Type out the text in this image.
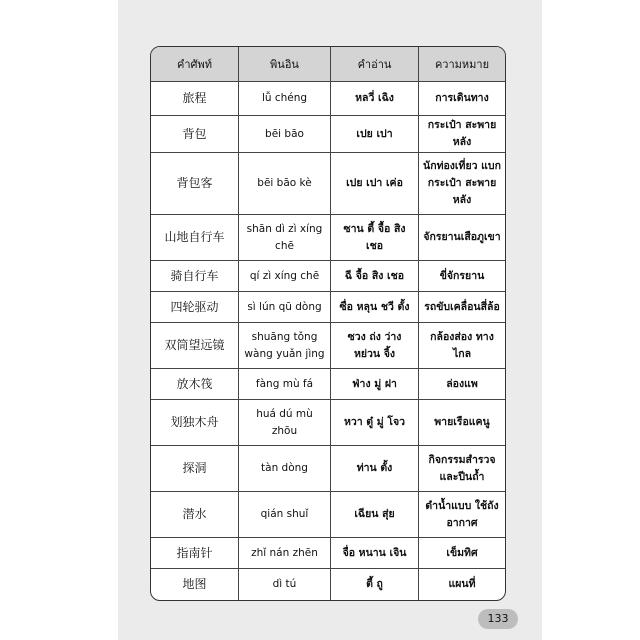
คำศัพท์	พินอิน	คำอ่าน	ความหมาย
旅程	lǚ chéng	หลวี่ เฉิง	การเดินทาง
背包	bēi bāo	เปย เปา	กระเป๋า สะพายหลัง
背包客	bēi bāo kè	เปย เปา เค่อ	นักท่องเที่ยว แบกกระเป๋า สะพายหลัง
山地自行车	shān dì zì xíng chē	ซาน ตี้ จื้อ สิง เชอ	จักรยานเสือภูเขา
骑自行车	qí zì xíng chē	ฉี จื้อ สิง เชอ	ขี่จักรยาน
四轮驱动	sì lún qū dòng	ซื่อ หลุน ชวี ตั้ง	รถขับเคลื่อนสี่ล้อ
双筒望远镜	shuāng tǒng wàng yuǎn jìng	ซวง ถ่ง ว่าง หย่วน จิ้ง	กล้องส่อง ทางไกล
放木筏	fàng mù fá	ฟ่าง มู่ ฝา	ล่องแพ
划独木舟	huá dú mù zhōu	หวา ตู๋ มู่ โจว	พายเรือแคนู
探洞	tàn dòng	ท่าน ตั้ง	กิจกรรมสำรวจ และปีนถ้ำ
潜水	qián shuǐ	เฉียน สุ่ย	ดำน้ำแบบ ใช้ถังอากาศ
指南针	zhǐ nán zhēn	จื่อ หนาน เจิน	เข็มทิศ
地图	dì tú	ตี้ ถู	แผนที่
133
